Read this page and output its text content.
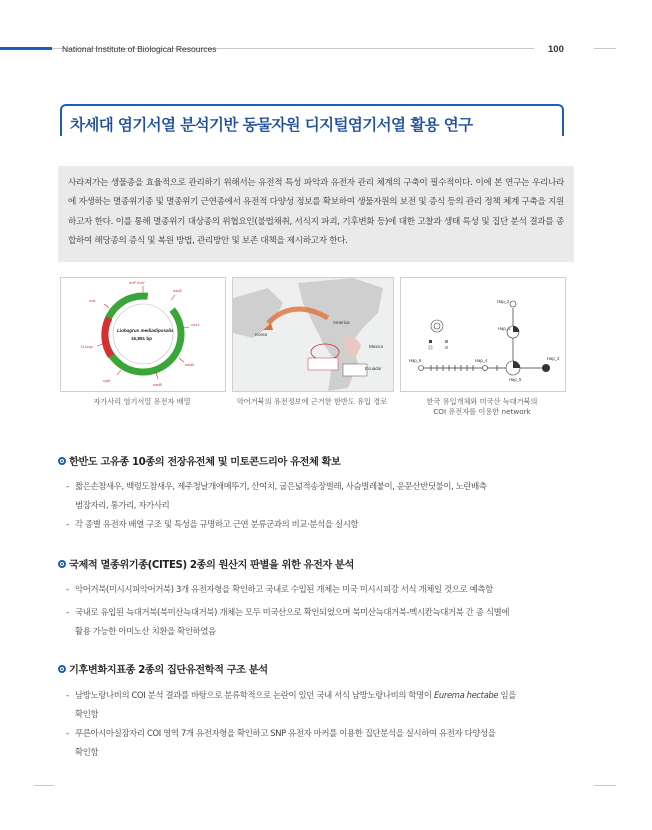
National Institute of Biological Resources	100
차세대 염기서열 분석기반 동물자원 디지털염기서열 활용 연구
사라져가는 생물종을 효율적으로 관리하기 위해서는 유전적 특성 파악과 유전자 관리 체계의 구축이 필수적이다. 이에 본 연구는 우리나라에 자생하는 멸종위기종 및 멸종위기 근연종에서 유전적 다양성 정보를 확보하여 생물자원의 보전 및 증식 등의 관리 정책 체계 구축을 지원하고자 한다. 이를 통해 멸종위기 대상종의 위협요인(불법채취, 서식지 파괴, 기후변화 등)에 대한 고찰과 생태 특성 및 집단 분석 결과를 종합하여 해당종의 증식 및 복원 방법, 관리방안 및 보존 대책을 제시하고자 한다.
trnF trnV
nad2
cox1
nad4
nad5
cytb
D-loop
rrnL
Liobagrus mediadiposalis
16,881 bp
자가사리 염기서열 유전자 배열
Korea
America
Mexico
Ecuador
악어거북의 유전정보에 근거한 한반도 유입 경로
Hap_1
Hap_2
Hap_3
Hap_4
Hap_5
Hap_6
한국 유입개체와 미국산 늑대거북의
COI 유전자를 이용한 network
한반도 고유종 10종의 전장유전체 및 미토콘드리아 유전체 확보
- 짧은손참새우, 백령도참새우, 제주청날개애메뚜기, 산여치, 굽은넓적송장벌레, 사슴벌레붙이, 운문산반딧불이, 노란배측
범잠자리, 통가리, 자가사리
- 각 종별 유전자 배열 구조 및 특성을 규명하고 근연 분류군과의 비교·분석을 실시함
국제적 멸종위기종(CITES) 2종의 원산지 판별을 위한 유전자 분석
- 악어거북(미시시피악어거북) 3개 유전자형을 확인하고 국내로 수입된 개체는 미국 미시시피강 서식 개체일 것으로 예측함
- 국내로 유입된 늑대거북(북미산늑대거북) 개체는 모두 미국산으로 확인되었으며 북미산늑대거북-멕시칸늑대거북 간 종 식별에
활용 가능한 아미노산 치환을 확인하였음
기후변화지표종 2종의 집단유전학적 구조 분석
- 남방노랑나비의 COI 분석 결과를 바탕으로 분류학적으로 논란이 있던 국내 서식 남방노랑나비의 학명이 Eurema hectabe 임을
확인함
- 푸른아시아실잠자리 COI 영역 7개 유전자형을 확인하고 SNP 유전자 마커를 이용한 집단분석을 실시하여 유전자 다양성을
확인함
